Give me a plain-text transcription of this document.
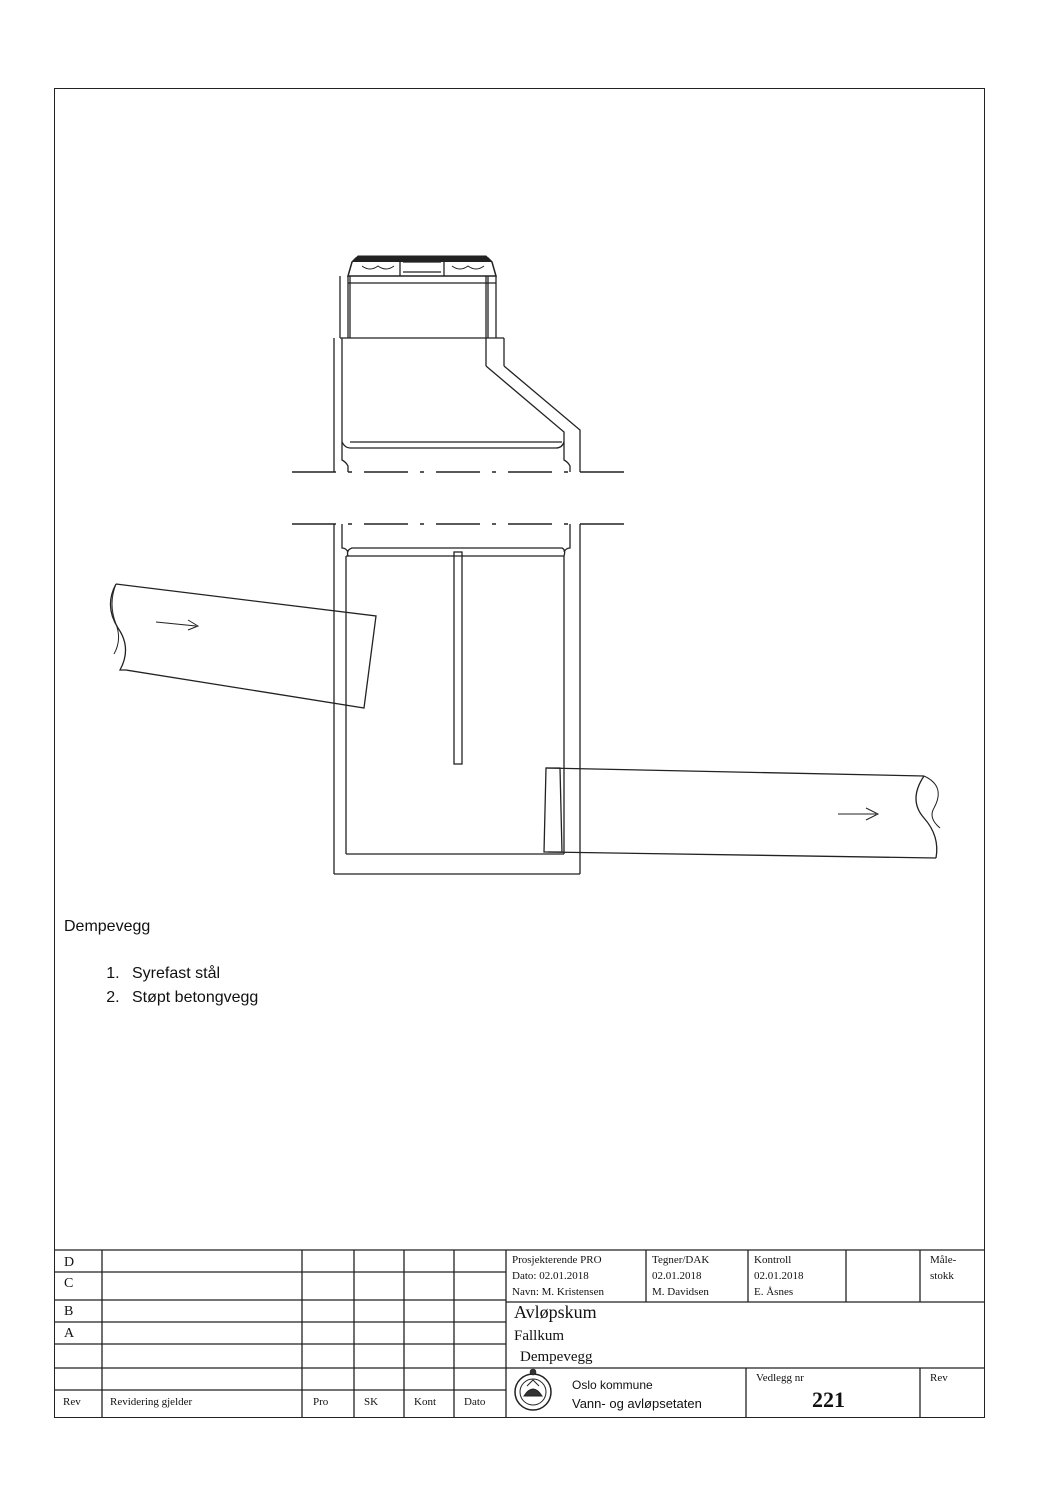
Dempevegg

1. Syrefast stål
2. Støpt betongvegg
D
C
B
A
Rev	Revidering gjelder	Pro	SK	Kont	Dato
Prosjekterende PRO
Dato: 02.01.2018
Navn: M. Kristensen
Tegner/DAK
02.01.2018
M. Davidsen
Kontroll
02.01.2018
E. Åsnes
Måle-
stokk
Avløpskum
Fallkum
Dempevegg
Oslo kommune
Vann- og avløpsetaten
Vedlegg nr
221
Rev
